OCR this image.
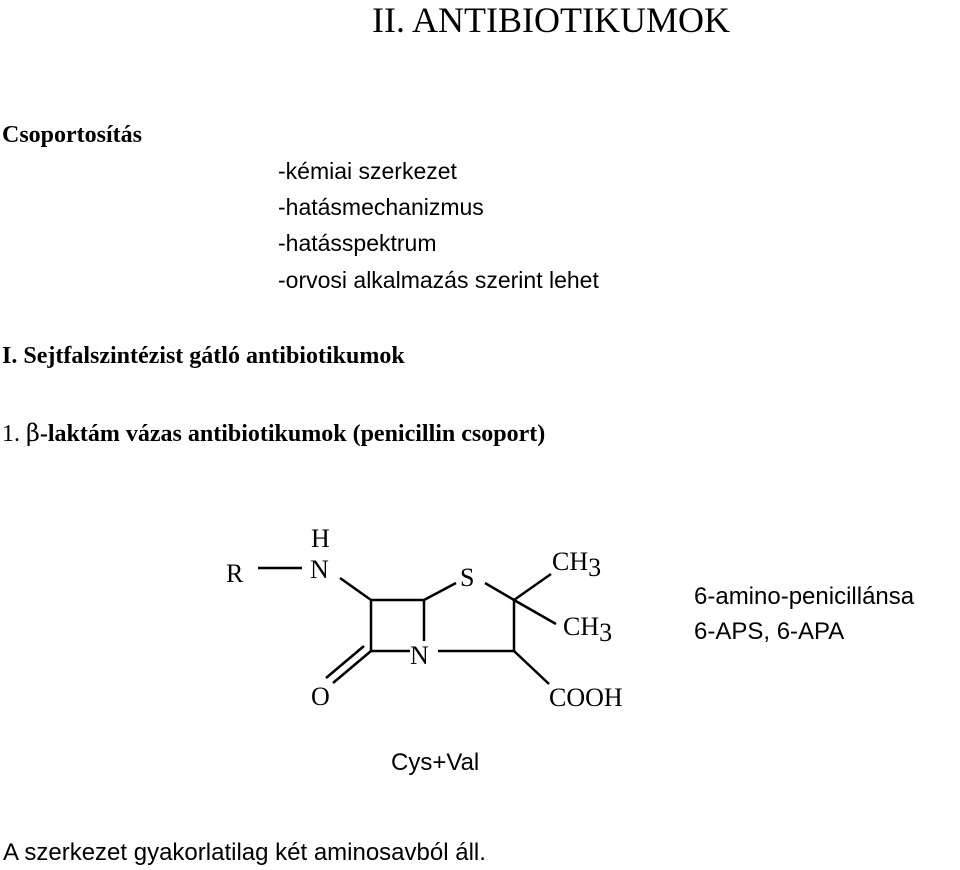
II. ANTIBIOTIKUMOK
Csoportosítás
-kémiai szerkezet
-hatásmechanizmus
-hatásspektrum
-orvosi alkalmazás szerint lehet
I. Sejtfalszintézist gátló antibiotikumok
1. β-laktám vázas antibiotikumok (penicillin csoport)
R
H
N	S
N
O
CH3
CH3
COOH
6-amino-penicillánsa
6-APS, 6-APA
Cys+Val
A szerkezet gyakorlatilag két aminosavból áll.
